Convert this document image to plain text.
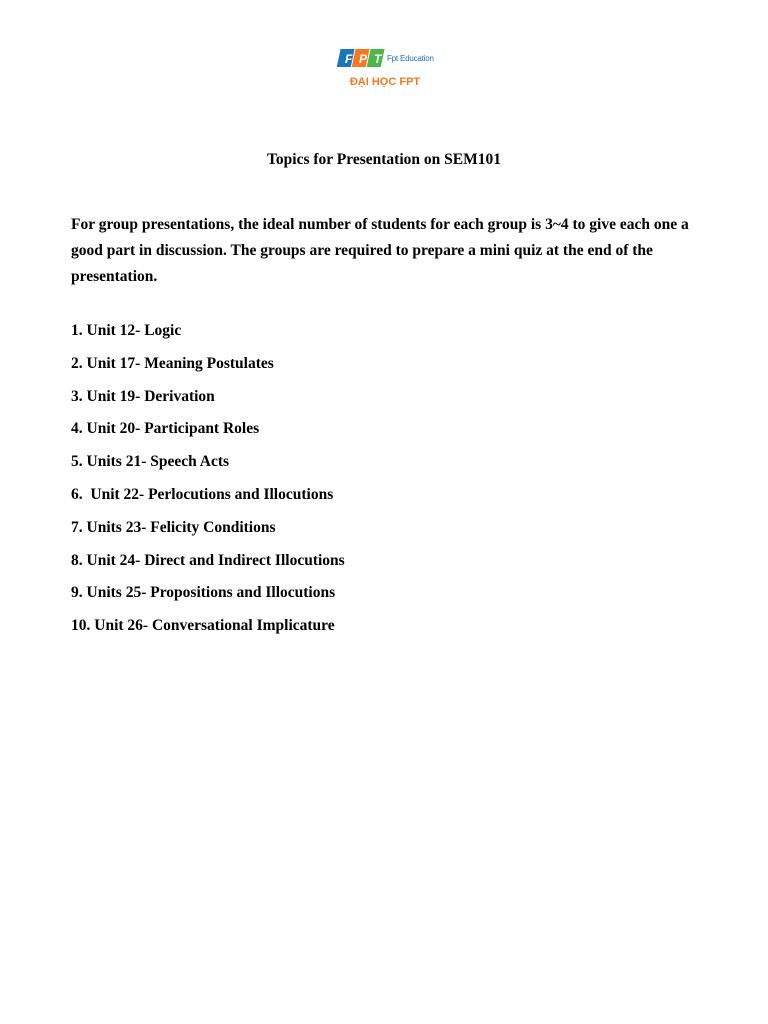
F P T Fpt Education
ĐẠI HỌC FPT
Topics for Presentation on SEM101

For group presentations, the ideal number of students for each group is 3~4 to give each one a good part in discussion. The groups are required to prepare a mini quiz at the end of the presentation.

1. Unit 12- Logic
2. Unit 17- Meaning Postulates
3. Unit 19- Derivation
4. Unit 20- Participant Roles
5. Units 21- Speech Acts
6.  Unit 22- Perlocutions and Illocutions
7. Units 23- Felicity Conditions
8. Unit 24- Direct and Indirect Illocutions
9. Units 25- Propositions and Illocutions
10. Unit 26- Conversational Implicature
